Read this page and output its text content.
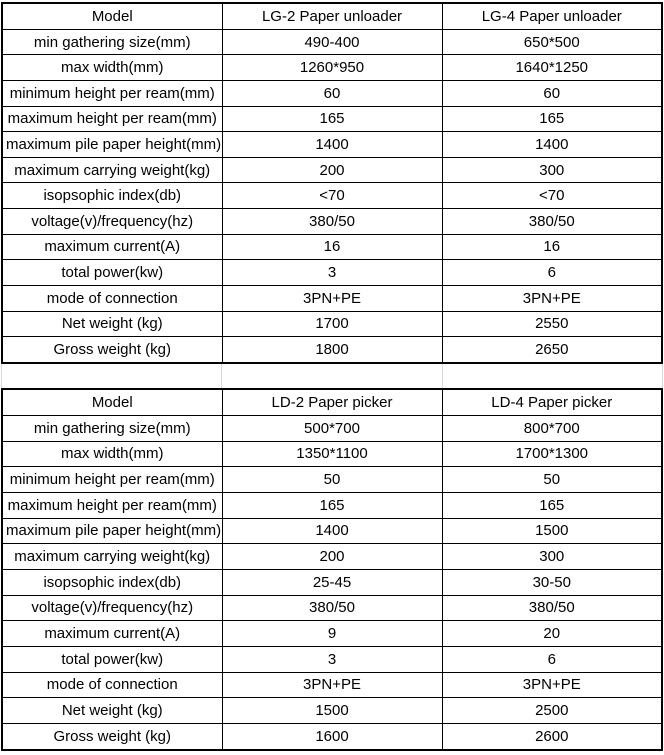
Model	LG-2 Paper unloader	LG-4 Paper unloader
min gathering size(mm)	490-400	650*500
max width(mm)	1260*950	1640*1250
minimum height per ream(mm)	60	60
maximum height per ream(mm)	165	165
maximum pile paper height(mm)	1400	1400
maximum carrying weight(kg)	200	300
isopsophic index(db)	<70	<70
voltage(v)/frequency(hz)	380/50	380/50
maximum current(A)	16	16
total power(kw)	3	6
mode of connection	3PN+PE	3PN+PE
Net weight (kg)	1700	2550
Gross weight (kg)	1800	2650
Model	LD-2 Paper picker	LD-4 Paper picker
min gathering size(mm)	500*700	800*700
max width(mm)	1350*1100	1700*1300
minimum height per ream(mm)	50	50
maximum height per ream(mm)	165	165
maximum pile paper height(mm)	1400	1500
maximum carrying weight(kg)	200	300
isopsophic index(db)	25-45	30-50
voltage(v)/frequency(hz)	380/50	380/50
maximum current(A)	9	20
total power(kw)	3	6
mode of connection	3PN+PE	3PN+PE
Net weight (kg)	1500	2500
Gross weight (kg)	1600	2600
